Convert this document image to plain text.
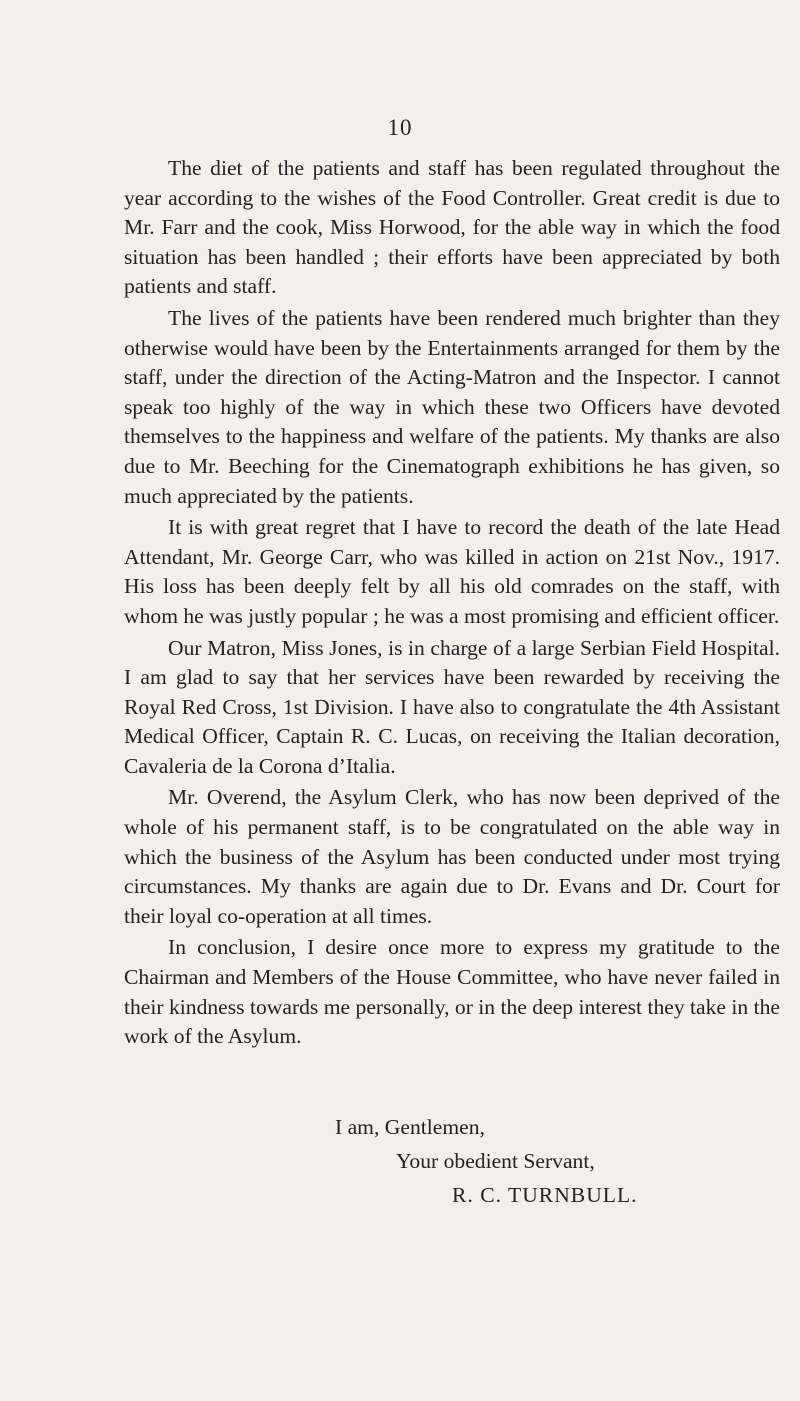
10

The diet of the patients and staff has been regulated throughout the year according to the wishes of the Food Controller. Great credit is due to Mr. Farr and the cook, Miss Horwood, for the able way in which the food situation has been handled ; their efforts have been appreciated by both patients and staff.

The lives of the patients have been rendered much brighter than they otherwise would have been by the Entertainments arranged for them by the staff, under the direction of the Acting-Matron and the Inspector. I cannot speak too highly of the way in which these two Officers have devoted themselves to the happiness and welfare of the patients. My thanks are also due to Mr. Beeching for the Cinematograph exhibitions he has given, so much appreciated by the patients.

It is with great regret that I have to record the death of the late Head Attendant, Mr. George Carr, who was killed in action on 21st Nov., 1917. His loss has been deeply felt by all his old comrades on the staff, with whom he was justly popular ; he was a most promising and efficient officer.

Our Matron, Miss Jones, is in charge of a large Serbian Field Hospital. I am glad to say that her services have been rewarded by receiving the Royal Red Cross, 1st Division. I have also to congratulate the 4th Assistant Medical Officer, Captain R. C. Lucas, on receiving the Italian decoration, Cavaleria de la Corona d’Italia.

Mr. Overend, the Asylum Clerk, who has now been deprived of the whole of his permanent staff, is to be congratulated on the able way in which the business of the Asylum has been conducted under most trying circumstances. My thanks are again due to Dr. Evans and Dr. Court for their loyal co-operation at all times.

In conclusion, I desire once more to express my gratitude to the Chairman and Members of the House Committee, who have never failed in their kindness towards me personally, or in the deep interest they take in the work of the Asylum.

I am, Gentlemen,
Your obedient Servant,
R. C. TURNBULL.
